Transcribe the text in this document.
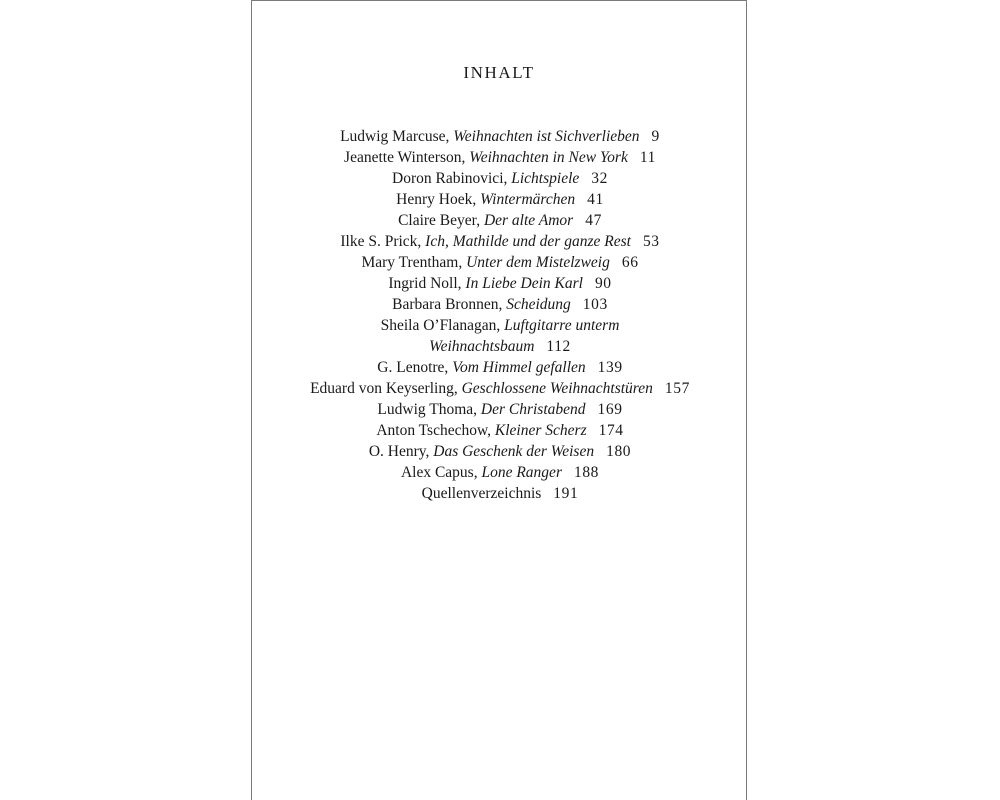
INHALT
Ludwig Marcuse, Weihnachten ist Sichverlieben 9
Jeanette Winterson, Weihnachten in New York 11
Doron Rabinovici, Lichtspiele 32
Henry Hoek, Wintermärchen 41
Claire Beyer, Der alte Amor 47
Ilke S. Prick, Ich, Mathilde und der ganze Rest 53
Mary Trentham, Unter dem Mistelzweig 66
Ingrid Noll, In Liebe Dein Karl 90
Barbara Bronnen, Scheidung 103
Sheila O’Flanagan, Luftgitarre unterm
Weihnachtsbaum 112
G. Lenotre, Vom Himmel gefallen 139
Eduard von Keyserling, Geschlossene Weihnachtstüren 157
Ludwig Thoma, Der Christabend 169
Anton Tschechow, Kleiner Scherz 174
O. Henry, Das Geschenk der Weisen 180
Alex Capus, Lone Ranger 188
Quellenverzeichnis 191
